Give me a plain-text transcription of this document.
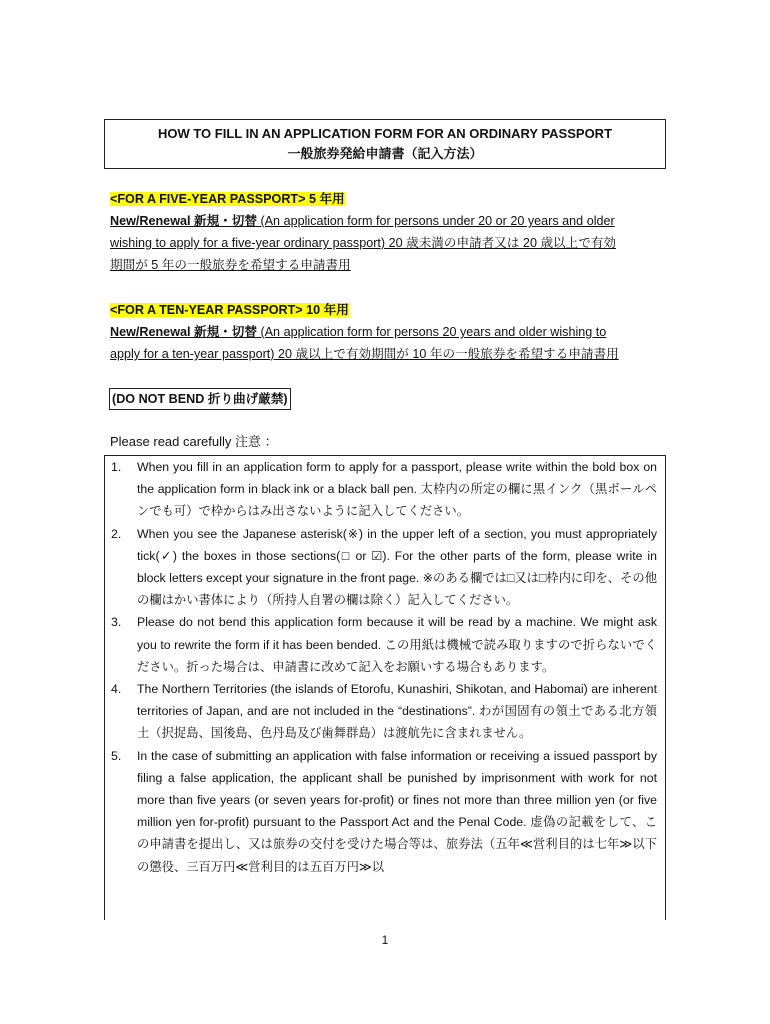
HOW TO FILL IN AN APPLICATION FORM FOR AN ORDINARY PASSPORT
一般旅券発給申請書（記入方法）
<FOR A FIVE-YEAR PASSPORT> 5 年用
New/Renewal 新規・切替 (An application form for persons under 20 or 20 years and older
wishing to apply for a five-year ordinary passport) 20 歳未満の申請者又は 20 歳以上で有効
期間が 5 年の一般旅券を希望する申請書用
<FOR A TEN-YEAR PASSPORT> 10 年用
New/Renewal 新規・切替 (An application form for persons 20 years and older wishing to
apply for a ten-year passport) 20 歳以上で有効期間が 10 年の一般旅券を希望する申請書用
(DO NOT BEND 折り曲げ厳禁)
Please read carefully 注意 ：
1. When you fill in an application form to apply for a passport, please write within the bold box on the application form in black ink or a black ball pen. 太枠内の所定の欄に黒インク（黒ボールペンでも可）で枠からはみ出さないように記入してください。
2. When you see the Japanese asterisk(※) in the upper left of a section, you must appropriately tick(✓) the boxes in those sections(□ or ☑). For the other parts of the form, please write in block letters except your signature in the front page. ※のある欄では□又は□枠内に印を、その他の欄はかい書体により（所持人自署の欄は除く）記入してください。
3. Please do not bend this application form because it will be read by a machine. We might ask you to rewrite the form if it has been bended. この用紙は機械で読み取りますので折らないでください。折った場合は、申請書に改めて記入をお願いする場合もあります。
4. The Northern Territories (the islands of Etorofu, Kunashiri, Shikotan, and Habomai) are inherent territories of Japan, and are not included in the “destinations”. わが国固有の領土である北方領土（択捉島、国後島、色丹島及び歯舞群島）は渡航先に含まれません。
5. In the case of submitting an application with false information or receiving a issued passport by filing a false application, the applicant shall be punished by imprisonment with work for not more than five years (or seven years for-profit) or fines not more than three million yen (or five million yen for-profit) pursuant to the Passport Act and the Penal Code. 虚偽の記載をして、この申請書を提出し、又は旅券の交付を受けた場合等は、旅券法（五年≪営利目的は七年≫以下の懲役、三百万円≪営利目的は五百万円≫以
1
